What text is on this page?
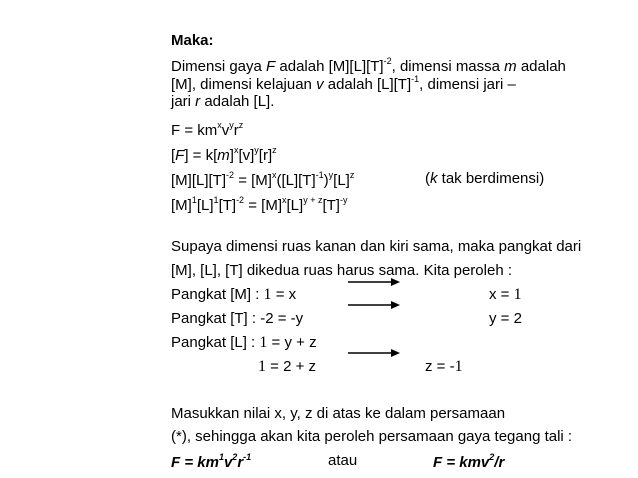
Maka:
Dimensi gaya F adalah $[M][L][T]^{-2}$, dimensi massa m adalah
[M], dimensi kelajuan v adalah $[L][T]^{-1}$, dimensi jari –
jari r adalah [L].
$F = km^xv^yr^z$
$[F] = k[m]^x[v]^y[r]^z$
$[M][L][T]^{-2} = [M]^x([L][T]^{-1})^y[L]^z$	(k tak berdimensi)
$[M]^1[L]^1[T]^{-2} = [M]^x[L]^{y + z}[T]^{-y}$
Supaya dimensi ruas kanan dan kiri sama, maka pangkat dari
[M], [L], [T] dikedua ruas harus sama. Kita peroleh :
Pangkat [M] : 1 = x	x = 1
Pangkat [T] : -2 = -y	y = 2
Pangkat [L] : 1 = y + z
1 = 2 + z	z = -1
Masukkan nilai x, y, z di atas ke dalam persamaan
(*), sehingga akan kita peroleh persamaan gaya tegang tali :
$F = km^1v^2r^{-1}$	atau	F = kmv$^2$/r
